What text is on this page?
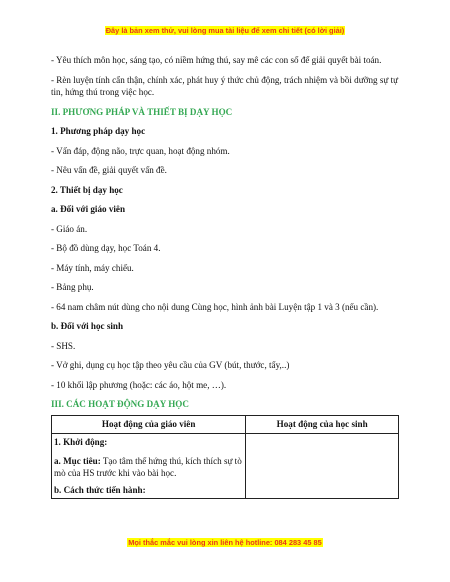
Đây là bản xem thử, vui lòng mua tài liệu để xem chi tiết (có lời giải)

- Yêu thích môn học, sáng tạo, có niềm hứng thú, say mê các con số để giải quyết bài toán.

- Rèn luyện tính cẩn thận, chính xác, phát huy ý thức chủ động, trách nhiệm và bồi dưỡng sự tự tin, hứng thú trong việc học.

II. PHƯƠNG PHÁP VÀ THIẾT BỊ DẠY HỌC

1. Phương pháp dạy học

- Vấn đáp, động não, trực quan, hoạt động nhóm.

- Nêu vấn đề, giải quyết vấn đề.

2. Thiết bị dạy học

a. Đối với giáo viên

- Giáo án.

- Bộ đồ dùng dạy, học Toán 4.

- Máy tính, máy chiếu.

- Bảng phụ.

- 64 nam châm nút dùng cho nội dung Cùng học, hình ảnh bài Luyện tập 1 và 3 (nếu cần).

b. Đối với học sinh

- SHS.

- Vở ghi, dụng cụ học tập theo yêu cầu của GV (bút, thước, tẩy,..)

- 10 khối lập phương (hoặc: các áo, hột me, …).

III. CÁC HOẠT ĐỘNG DẠY HỌC

Hoạt động của giáo viên	Hoạt động của học sinh

1. Khởi động:

a. Mục tiêu: Tạo tâm thế hứng thú, kích thích sự tò mò của HS trước khi vào bài học.

b. Cách thức tiến hành:	

Mọi thắc mắc vui lòng xin liên hệ hotline: 084 283 45 85
